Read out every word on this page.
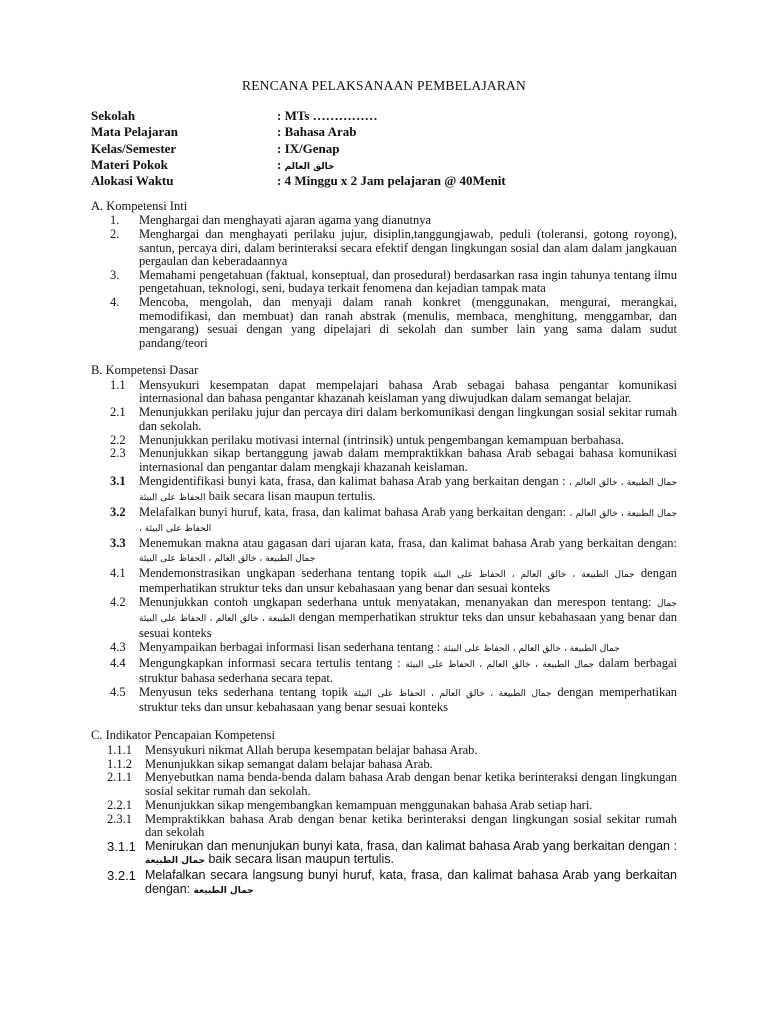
RENCANA PELAKSANAAN PEMBELAJARAN
Sekolah	: MTs ……………
Mata Pelajaran	: Bahasa Arab
Kelas/Semester	: IX/Genap
Materi Pokok	: خالق العالم
Alokasi Waktu	: 4 Minggu x 2 Jam pelajaran @ 40Menit
A. Kompetensi Inti
1. Menghargai dan menghayati ajaran agama yang dianutnya
2. Menghargai dan menghayati perilaku jujur, disiplin,tanggungjawab, peduli (toleransi, gotong royong), santun, percaya diri, dalam berinteraksi secara efektif dengan lingkungan sosial dan alam dalam jangkauan pergaulan dan keberadaannya
3. Memahami pengetahuan (faktual, konseptual, dan prosedural) berdasarkan rasa ingin tahunya tentang ilmu pengetahuan, teknologi, seni, budaya terkait fenomena dan kejadian tampak mata
4. Mencoba, mengolah, dan menyaji dalam ranah konkret (menggunakan, mengurai, merangkai, memodifikasi, dan membuat) dan ranah abstrak (menulis, membaca, menghitung, menggambar, dan mengarang) sesuai dengan yang dipelajari di sekolah dan sumber lain yang sama dalam sudut pandang/teori
B. Kompetensi Dasar
1.1 Mensyukuri kesempatan dapat mempelajari bahasa Arab sebagai bahasa pengantar komunikasi internasional dan bahasa pengantar khazanah keislaman yang diwujudkan dalam semangat belajar.
2.1 Menunjukkan perilaku jujur dan percaya diri dalam berkomunikasi dengan lingkungan sosial sekitar rumah dan sekolah.
2.2 Menunjukkan perilaku motivasi internal (intrinsik) untuk pengembangan kemampuan berbahasa.
2.3 Menunjukkan sikap bertanggung jawab dalam mempraktikkan bahasa Arab sebagai bahasa komunikasi internasional dan pengantar dalam mengkaji khazanah keislaman.
3.1 Mengidentifikasi bunyi kata, frasa, dan kalimat bahasa Arab yang berkaitan dengan : جمال الطبيعة ، خالق العالم ، الحفاظ على البيئة baik secara lisan maupun tertulis.
3.2 Melafalkan bunyi huruf, kata, frasa, dan kalimat bahasa Arab yang berkaitan dengan: جمال الطبيعة ، خالق العالم ، الحفاظ على البيئة ،
3.3 Menemukan makna atau gagasan dari ujaran kata, frasa, dan kalimat bahasa Arab yang berkaitan dengan: جمال الطبيعة ، خالق العالم ، الحفاظ على البيئة
4.1 Mendemonstrasikan ungkapan sederhana tentang topik جمال الطبيعة ، خالق العالم ، الحفاظ على البيئة dengan memperhatikan struktur teks dan unsur kebahasaan yang benar dan sesuai konteks
4.2 Menunjukkan contoh ungkapan sederhana untuk menyatakan, menanyakan dan merespon tentang: جمال الطبيعة ، خالق العالم ، الحفاظ على البيئة dengan memperhatikan struktur teks dan unsur kebahasaan yang benar dan sesuai konteks
4.3 Menyampaikan berbagai informasi lisan sederhana tentang : جمال الطبيعة ، خالق العالم ، الحفاظ على البيئة
4.4 Mengungkapkan informasi secara tertulis tentang : جمال الطبيعة ، خالق العالم ، الحفاظ على البيئة dalam berbagai struktur bahasa sederhana secara tepat.
4.5 Menyusun teks sederhana tentang topik جمال الطبيعة ، خالق العالم ، الحفاظ على البيئة dengan memperhatikan struktur teks dan unsur kebahasaan yang benar sesuai konteks
C. Indikator Pencapaian Kompetensi
1.1.1 Mensyukuri nikmat Allah berupa kesempatan belajar bahasa Arab.
1.1.2 Menunjukkan sikap semangat dalam belajar bahasa Arab.
2.1.1 Menyebutkan nama benda-benda dalam bahasa Arab dengan benar ketika berinteraksi dengan lingkungan sosial sekitar rumah dan sekolah.
2.2.1 Menunjukkan sikap mengembangkan kemampuan menggunakan bahasa Arab setiap hari.
2.3.1 Mempraktikkan bahasa Arab dengan benar ketika berinteraksi dengan lingkungan sosial sekitar rumah dan sekolah
3.1.1 Menirukan dan menunjukan bunyi kata, frasa, dan kalimat bahasa Arab yang berkaitan dengan : جمال الطبيعة baik secara lisan maupun tertulis.
3.2.1 Melafalkan secara langsung bunyi huruf, kata, frasa, dan kalimat bahasa Arab yang berkaitan dengan: جمال الطبيعة
